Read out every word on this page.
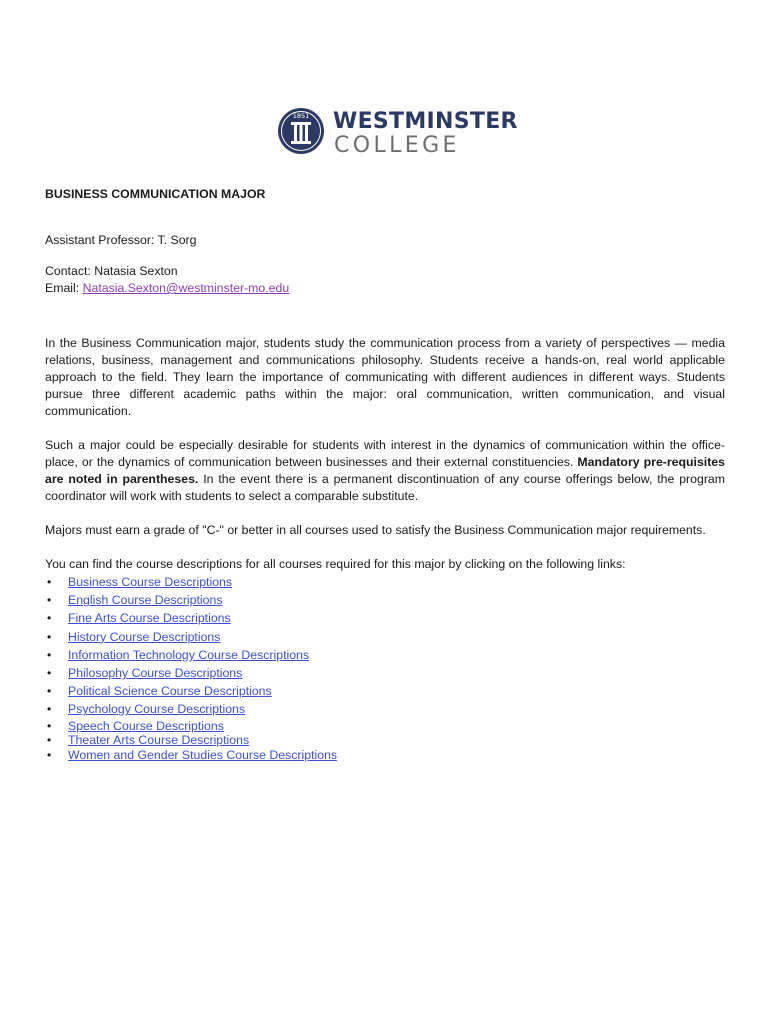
1851 WESTMINSTER
COLLEGE

BUSINESS COMMUNICATION MAJOR

Assistant Professor: T. Sorg

Contact: Natasia Sexton

Email: Natasia.Sexton@westminster-mo.edu

In the Business Communication major, students study the communication process from a variety of perspectives — media relations, business, management and communications philosophy. Students receive a hands-on, real world applicable approach to the field. They learn the importance of communicating with different audiences in different ways. Students pursue three different academic paths within the major: oral communication, written communication, and visual communication.

Such a major could be especially desirable for students with interest in the dynamics of communication within the office-place, or the dynamics of communication between businesses and their external constituencies. Mandatory pre-requisites are noted in parentheses. In the event there is a permanent discontinuation of any course offerings below, the program coordinator will work with students to select a comparable substitute.

Majors must earn a grade of "C-" or better in all courses used to satisfy the Business Communication major requirements.

You can find the course descriptions for all courses required for this major by clicking on the following links:

• Business Course Descriptions
• English Course Descriptions
• Fine Arts Course Descriptions
• History Course Descriptions
• Information Technology Course Descriptions
• Philosophy Course Descriptions
• Political Science Course Descriptions
• Psychology Course Descriptions
• Speech Course Descriptions
• Theater Arts Course Descriptions
• Women and Gender Studies Course Descriptions
